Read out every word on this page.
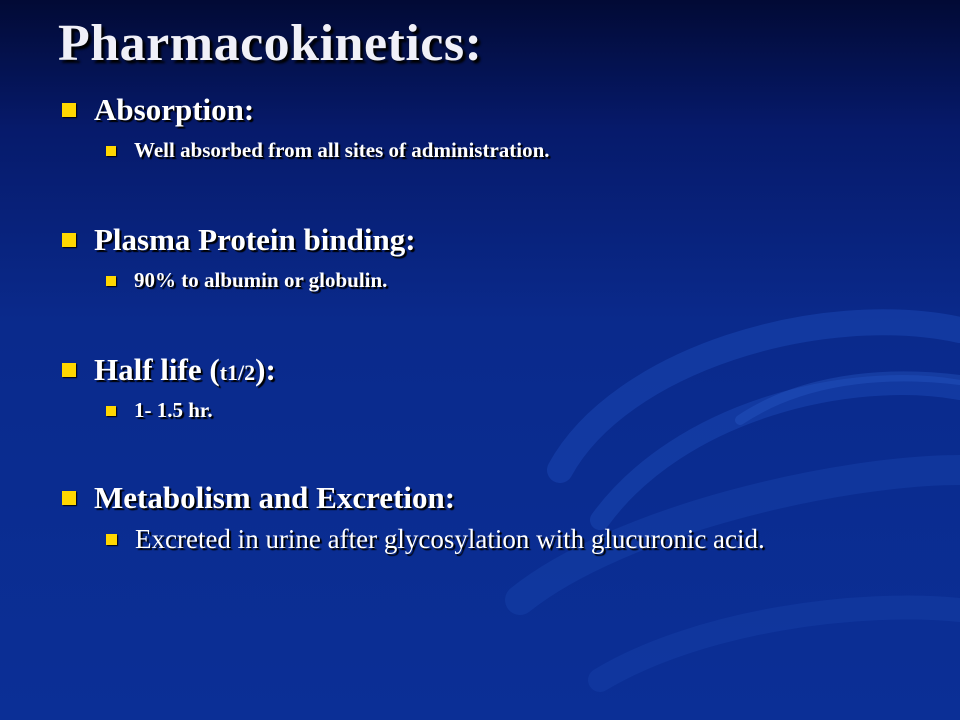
Pharmacokinetics:
Absorption:
Well absorbed from all sites of administration.
Plasma Protein binding:
90% to albumin or globulin.
Half life (t1/2):
1- 1.5 hr.
Metabolism and Excretion:
Excreted in urine after glycosylation with glucuronic acid.
